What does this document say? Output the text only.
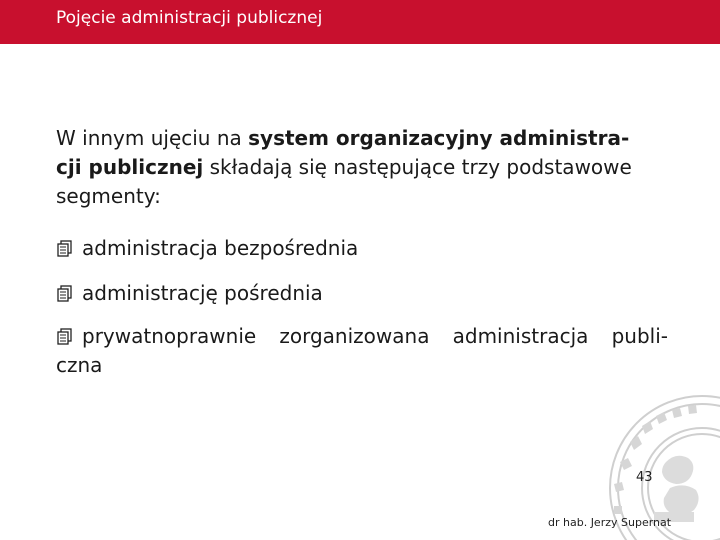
Pojęcie administracji publicznej

W innym ujęciu na system organizacyjny administra-
cji publicznej składają się następujące trzy podstawowe
segmenty:

administracja bezpośrednia
administrację pośrednia
prywatnoprawnie zorganizowana administracja publi-
czna
43
dr hab. Jerzy Supernat
